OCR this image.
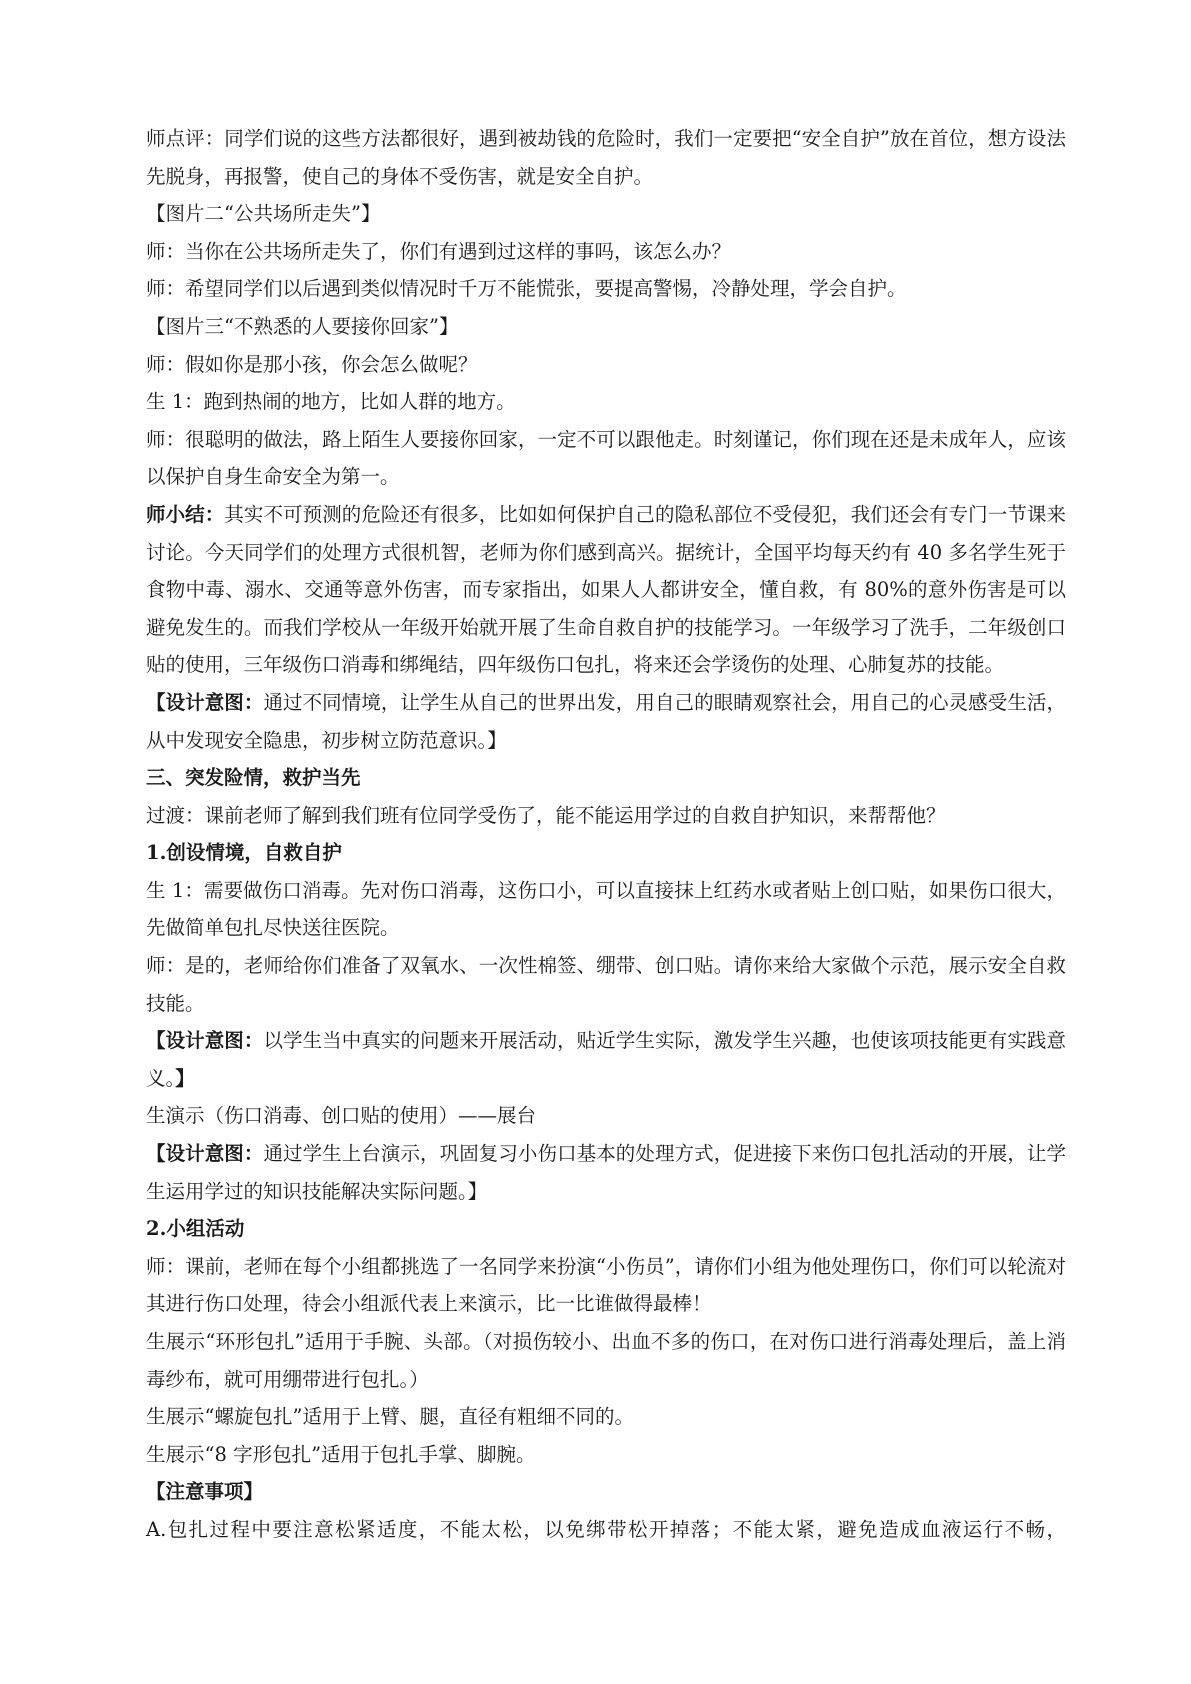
师点评：同学们说的这些方法都很好，遇到被劫钱的危险时，我们一定要把“安全自护”放在首位，想方设法先脱身，再报警，使自己的身体不受伤害，就是安全自护。

【图片二“公共场所走失”】

师：当你在公共场所走失了，你们有遇到过这样的事吗，该怎么办？

师：希望同学们以后遇到类似情况时千万不能慌张，要提高警惕，冷静处理，学会自护。

【图片三“不熟悉的人要接你回家”】

师：假如你是那小孩，你会怎么做呢？

生 1：跑到热闹的地方，比如人群的地方。

师：很聪明的做法，路上陌生人要接你回家，一定不可以跟他走。时刻谨记，你们现在还是未成年人，应该以保护自身生命安全为第一。

师小结：其实不可预测的危险还有很多，比如如何保护自己的隐私部位不受侵犯，我们还会有专门一节课来讨论。今天同学们的处理方式很机智，老师为你们感到高兴。据统计，全国平均每天约有 40 多名学生死于食物中毒、溺水、交通等意外伤害，而专家指出，如果人人都讲安全，懂自救，有 80%的意外伤害是可以避免发生的。而我们学校从一年级开始就开展了生命自救自护的技能学习。一年级学习了洗手，二年级创口贴的使用，三年级伤口消毒和绑绳结，四年级伤口包扎，将来还会学烫伤的处理、心肺复苏的技能。

【设计意图：通过不同情境，让学生从自己的世界出发，用自己的眼睛观察社会，用自己的心灵感受生活，从中发现安全隐患，初步树立防范意识。】

三、突发险情，救护当先

过渡：课前老师了解到我们班有位同学受伤了，能不能运用学过的自救自护知识，来帮帮他？

1.创设情境，自救自护

生 1：需要做伤口消毒。先对伤口消毒，这伤口小，可以直接抹上红药水或者贴上创口贴，如果伤口很大，先做简单包扎尽快送往医院。

师：是的，老师给你们准备了双氧水、一次性棉签、绷带、创口贴。请你来给大家做个示范，展示安全自救技能。

【设计意图：以学生当中真实的问题来开展活动，贴近学生实际，激发学生兴趣，也使该项技能更有实践意义。】

生演示（伤口消毒、创口贴的使用）——展台

【设计意图：通过学生上台演示，巩固复习小伤口基本的处理方式，促进接下来伤口包扎活动的开展，让学生运用学过的知识技能解决实际问题。】

2.小组活动

师：课前，老师在每个小组都挑选了一名同学来扮演“小伤员”，请你们小组为他处理伤口，你们可以轮流对其进行伤口处理，待会小组派代表上来演示，比一比谁做得最棒！

生展示“环形包扎”适用于手腕、头部。（对损伤较小、出血不多的伤口，在对伤口进行消毒处理后，盖上消毒纱布，就可用绷带进行包扎。）

生展示“螺旋包扎”适用于上臂、腿，直径有粗细不同的。

生展示“8 字形包扎”适用于包扎手掌、脚腕。

【注意事项】

A.包扎过程中要注意松紧适度，不能太松，以免绑带松开掉落；不能太紧，避免造成血液运行不畅，
